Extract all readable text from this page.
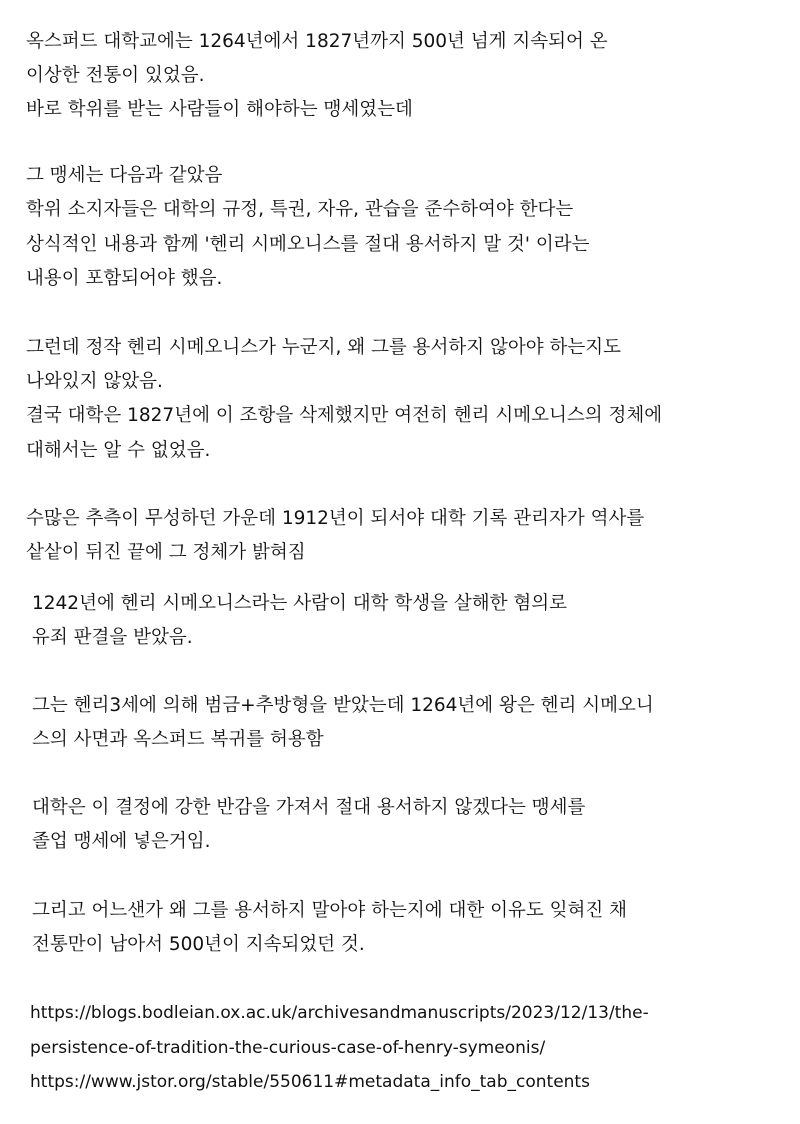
옥스퍼드 대학교에는 1264년에서 1827년까지 500년 넘게 지속되어 온

이상한 전통이 있었음.

바로 학위를 받는 사람들이 해야하는 맹세였는데

그 맹세는 다음과 같았음

학위 소지자들은 대학의 규정, 특권, 자유, 관습을 준수하여야 한다는

상식적인 내용과 함께 '헨리 시메오니스를 절대 용서하지 말 것' 이라는

내용이 포함되어야 했음.

그런데 정작 헨리 시메오니스가 누군지, 왜 그를 용서하지 않아야 하는지도

나와있지 않았음.

결국 대학은 1827년에 이 조항을 삭제했지만 여전히 헨리 시메오니스의 정체에

대해서는 알 수 없었음.

수많은 추측이 무성하던 가운데 1912년이 되서야 대학 기록 관리자가 역사를

샅샅이 뒤진 끝에 그 정체가 밝혀짐

1242년에 헨리 시메오니스라는 사람이 대학 학생을 살해한 혐의로

유죄 판결을 받았음.

그는 헨리3세에 의해 범금+추방형을 받았는데 1264년에 왕은 헨리 시메오니

스의 사면과 옥스퍼드 복귀를 허용함

대학은 이 결정에 강한 반감을 가져서 절대 용서하지 않겠다는 맹세를

졸업 맹세에 넣은거임.

그리고 어느샌가 왜 그를 용서하지 말아야 하는지에 대한 이유도 잊혀진 채

전통만이 남아서 500년이 지속되었던 것.

https://blogs.bodleian.ox.ac.uk/archivesandmanuscripts/2023/12/13/the-

persistence-of-tradition-the-curious-case-of-henry-symeonis/

https://www.jstor.org/stable/550611#metadata_info_tab_contents
